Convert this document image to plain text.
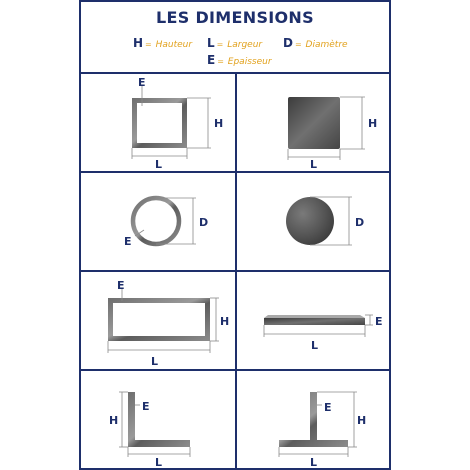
LES DIMENSIONS
H = Hauteur L = Largeur D = Diamètre
E = Epaisseur
E
H
L
H
L
E
D	D
E
H
L
E
L
H
E
L
E
H
L
